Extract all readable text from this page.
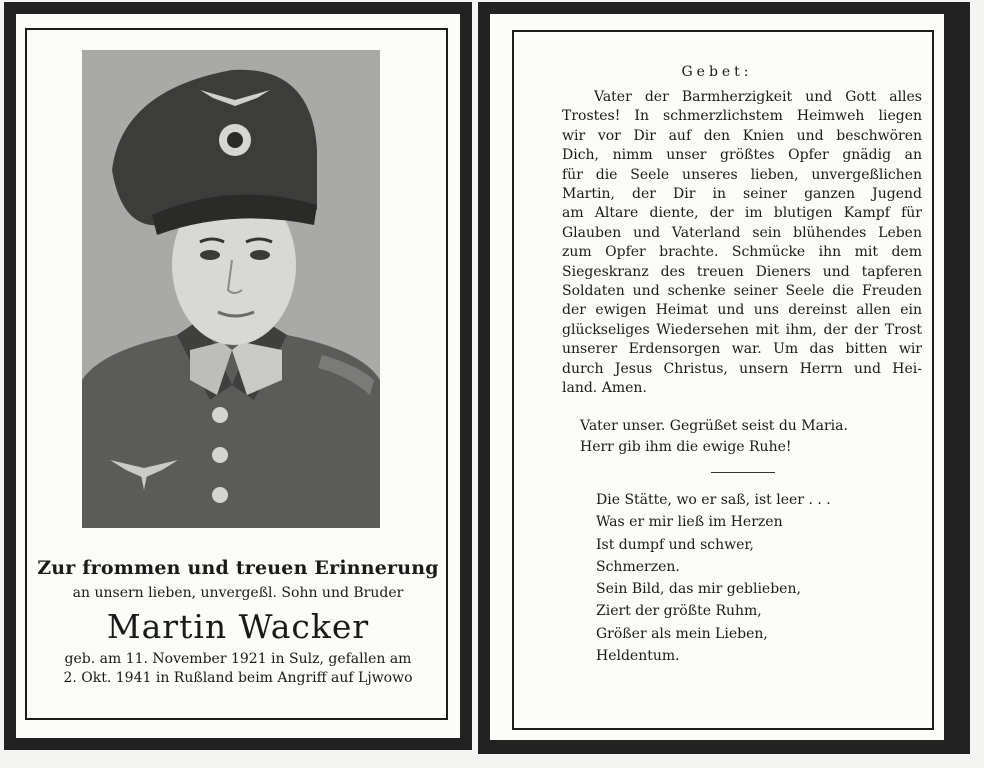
Zur frommen und treuen Erinnerung
an unsern lieben, unvergeßl. Sohn und Bruder
Martin Wacker
geb. am 11. November 1921 in Sulz, gefallen am
2. Okt. 1941 in Rußland beim Angriff auf Ljwowo
Gebet:
Vater der Barmherzigkeit und Gott alles
Trostes! In schmerzlichstem Heimweh liegen
wir vor Dir auf den Knien und beschwören
Dich, nimm unser größtes Opfer gnädig an
für die Seele unseres lieben, unvergeßlichen
Martin, der Dir in seiner ganzen Jugend
am Altare diente, der im blutigen Kampf für
Glauben und Vaterland sein blühendes Leben
zum Opfer brachte. Schmücke ihn mit dem
Siegeskranz des treuen Dieners und tapferen
Soldaten und schenke seiner Seele die Freuden
der ewigen Heimat und uns dereinst allen ein
glückseliges Wiedersehen mit ihm, der der Trost
unserer Erdensorgen war. Um das bitten wir
durch Jesus Christus, unsern Herrn und Hei-
land. Amen.
Vater unser. Gegrüßet seist du Maria.
Herr gib ihm die ewige Ruhe!
Die Stätte, wo er saß, ist leer . . .
Was er mir ließ im Herzen
Ist dumpf und schwer,
Schmerzen.
Sein Bild, das mir geblieben,
Ziert der größte Ruhm,
Größer als mein Lieben,
Heldentum.
